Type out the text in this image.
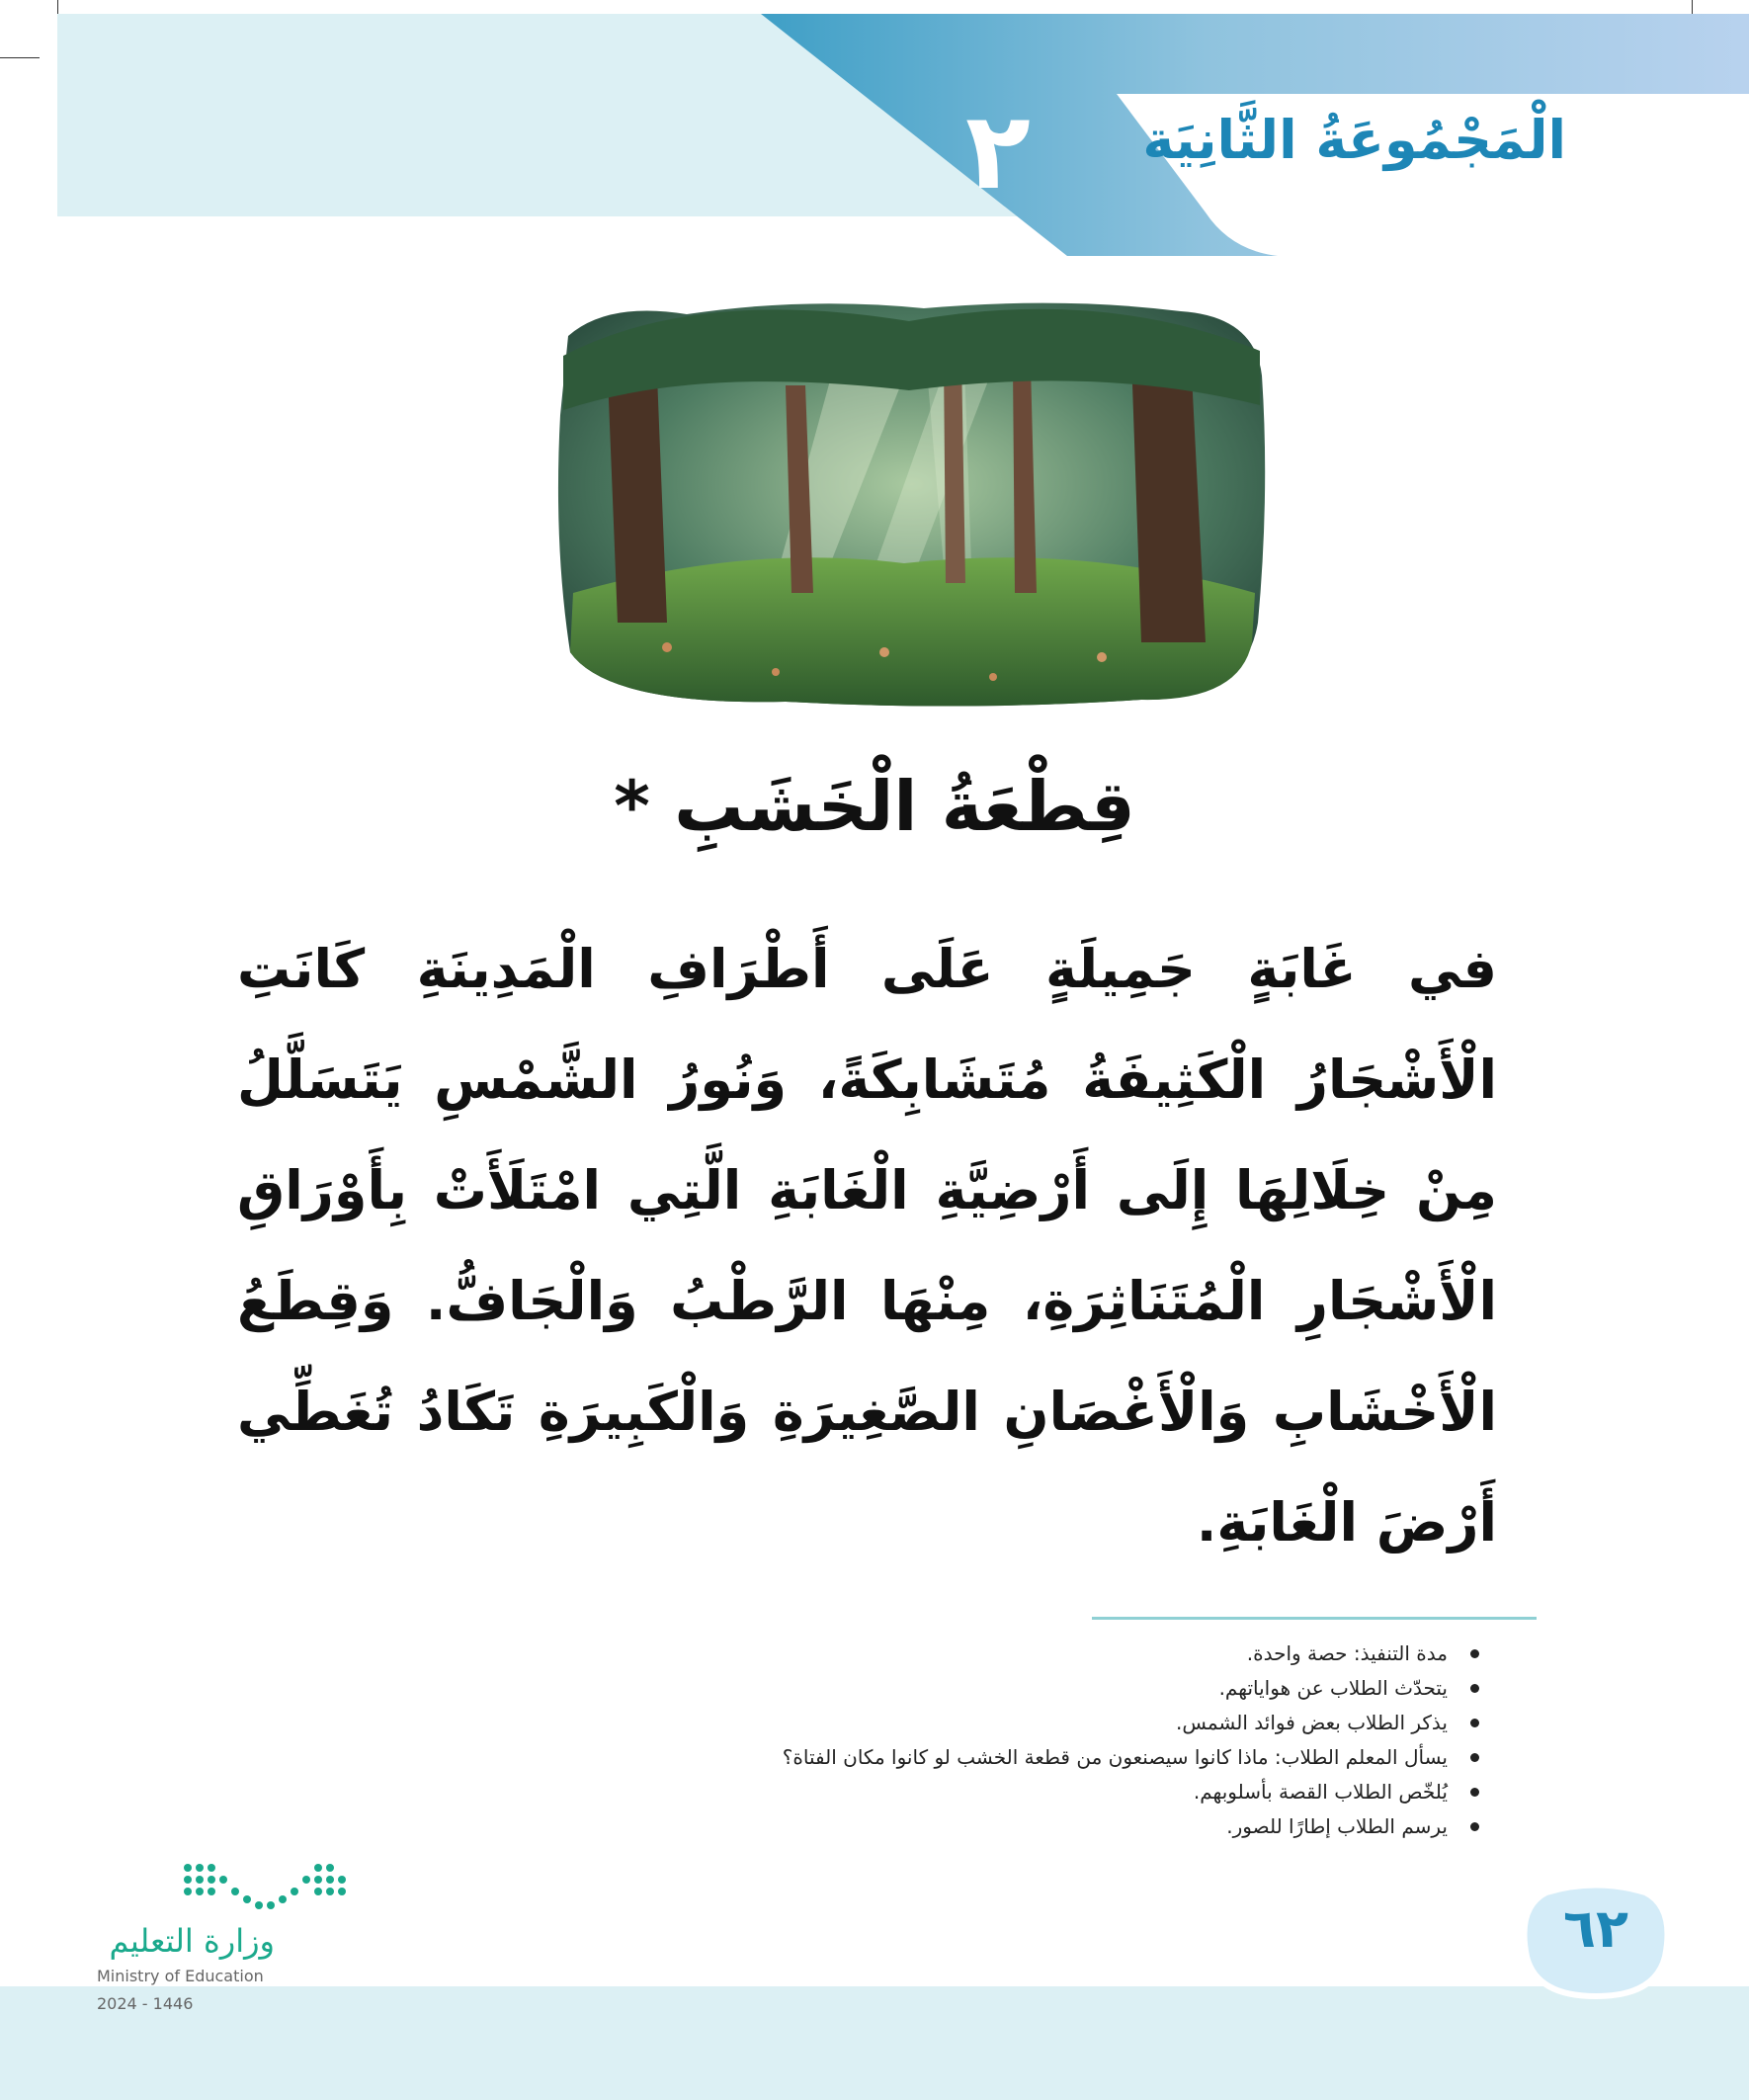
الْمَجْمُوعَةُ الثَّانِيَة
٢
قِطْعَةُ الْخَشَبِ *
في غَابَةٍ جَمِيلَةٍ عَلَى أَطْرَافِ الْمَدِينَةِ كَانَتِ الْأَشْجَارُ الْكَثِيفَةُ مُتَشَابِكَةً، وَنُورُ الشَّمْسِ يَتَسَلَّلُ مِنْ خِلَالِهَا إِلَى أَرْضِيَّةِ الْغَابَةِ الَّتِي امْتَلَأَتْ بِأَوْرَاقِ الْأَشْجَارِ الْمُتَنَاثِرَةِ، مِنْهَا الرَّطْبُ وَالْجَافُّ. وَقِطَعُ الْأَخْشَابِ وَالْأَغْصَانِ الصَّغِيرَةِ وَالْكَبِيرَةِ تَكَادُ تُغَطِّي أَرْضَ الْغَابَةِ.
مدة التنفيذ: حصة واحدة.
يتحدّث الطلاب عن هواياتهم.
يذكر الطلاب بعض فوائد الشمس.
يسأل المعلم الطلاب: ماذا كانوا سيصنعون من قطعة الخشب لو كانوا مكان الفتاة؟
يُلخّص الطلاب القصة بأسلوبهم.
يرسم الطلاب إطارًا للصور.
٦٢
وزارة التعليم
Ministry of Education
2024 - 1446
